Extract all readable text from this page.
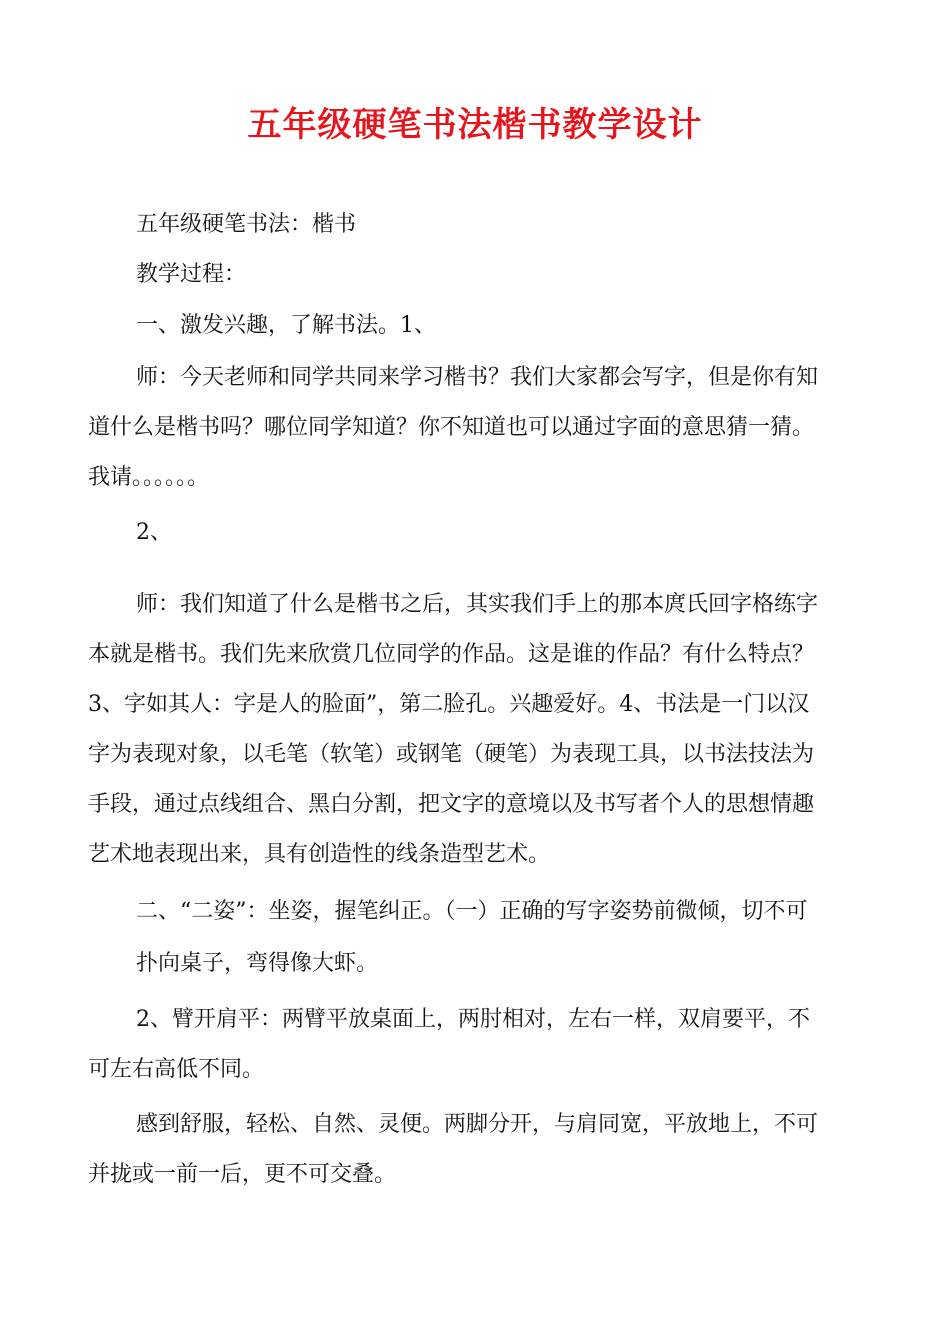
五年级硬笔书法楷书教学设计

五年级硬笔书法：楷书

教学过程：

一、激发兴趣，了解书法。1、

师：今天老师和同学共同来学习楷书？我们大家都会写字，但是你有知
道什么是楷书吗？哪位同学知道？你不知道也可以通过字面的意思猜一猜。
我请。。。。。。

2、

师：我们知道了什么是楷书之后，其实我们手上的那本庹氏回字格练字
本就是楷书。我们先来欣赏几位同学的作品。这是谁的作品？有什么特点？
3、字如其人：字是人的脸面”，第二脸孔。兴趣爱好。4、书法是一门以汉
字为表现对象，以毛笔（软笔）或钢笔（硬笔）为表现工具，以书法技法为
手段，通过点线组合、黑白分割，把文字的意境以及书写者个人的思想情趣
艺术地表现出来，具有创造性的线条造型艺术。

二、“二姿”：坐姿，握笔纠正。（一）正确的写字姿势前微倾，切不可

扑向桌子，弯得像大虾。

2、臂开肩平：两臂平放桌面上，两肘相对，左右一样，双肩要平，不
可左右高低不同。

感到舒服，轻松、自然、灵便。两脚分开，与肩同宽，平放地上，不可
并拢或一前一后，更不可交叠。
